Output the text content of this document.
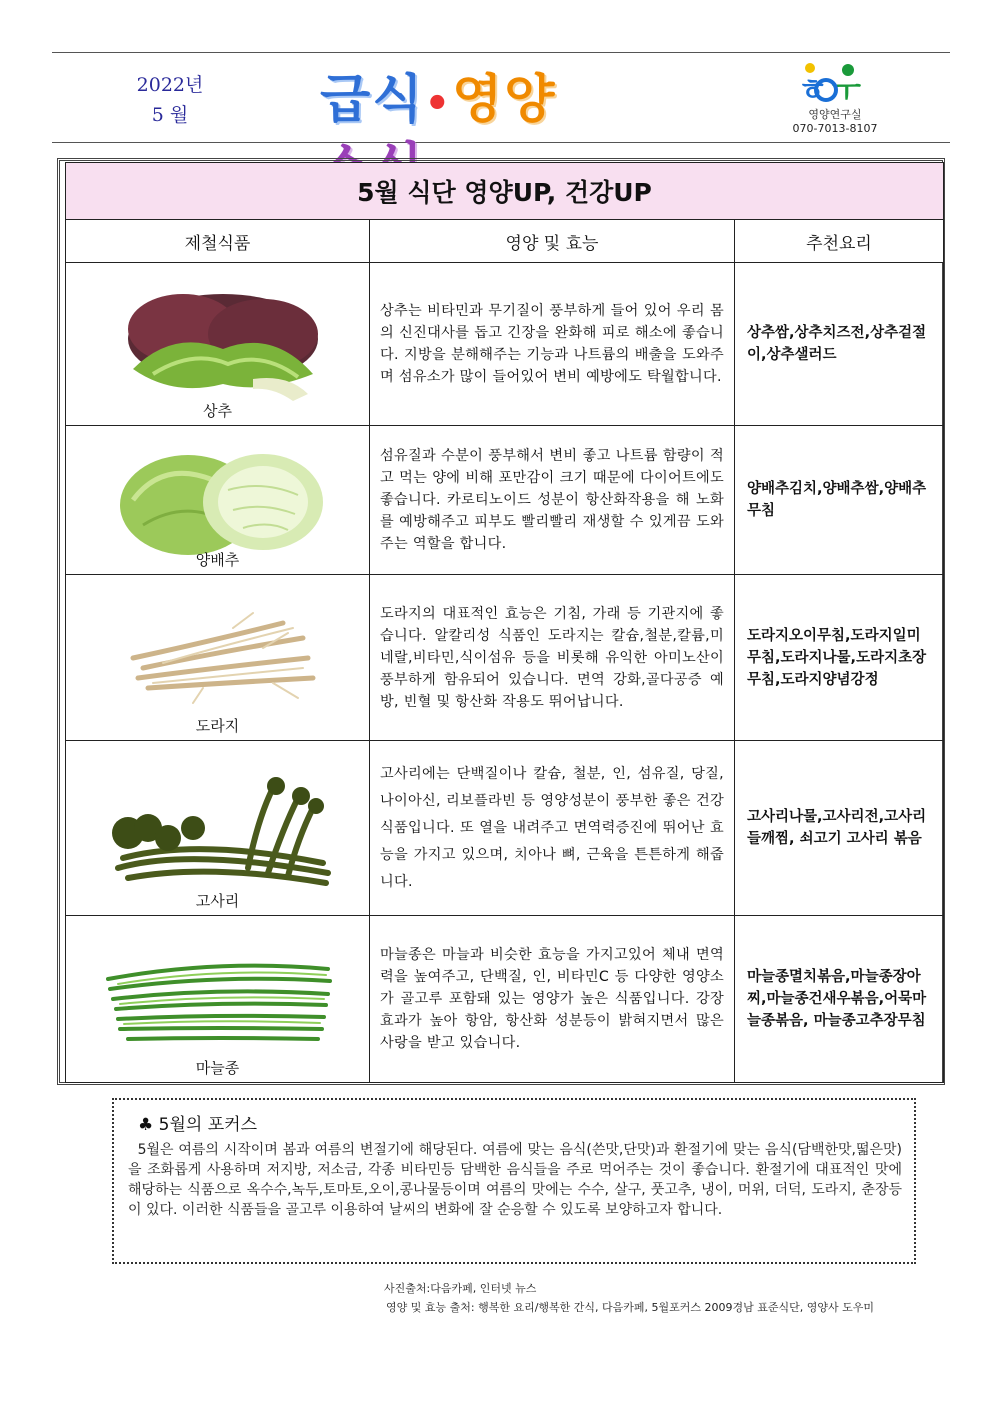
2022년
5 월	급식•영양	ㅎ ㅜ
영양연구실
070-7013-8107
5월 식단 영양UP, 건강UP		
제철식품	영양 및 효능	추천요리

상추	상추는 비타민과 무기질이 풍부하게 들어 있어 우리 몸의 신진대사를 돕고 긴장을 완화해 피로 해소에 좋습니다. 지방을 분해해주는 기능과 나트륨의 배출을 도와주며 섬유소가 많이 들어있어 변비 예방에도 탁월합니다.	상추쌈,상추치즈전,상추겉절이,상추샐러드

양배추	섬유질과 수분이 풍부해서 변비 좋고 나트륨 함량이 적고 먹는 양에 비해 포만감이 크기 때문에 다이어트에도 좋습니다. 카로티노이드 성분이 항산화작용을 해 노화를 예방해주고 피부도 빨리빨리 재생할 수 있게끔 도와주는 역할을 합니다.	양배추김치,양배추쌈,양배추무침

도라지	도라지의 대표적인 효능은 기침, 가래 등 기관지에 좋습니다. 알칼리성 식품인 도라지는 칼슘,철분,칼륨,미네랄,비타민,식이섬유 등을 비롯해 유익한 아미노산이 풍부하게 함유되어 있습니다. 면역 강화,골다공증 예방, 빈혈 및 항산화 작용도 뛰어납니다.	도라지오이무침,도라지일미무침,도라지나물,도라지초장무침,도라지양념강정

고사리	고사리에는 단백질이나 칼슘, 철분, 인, 섬유질, 당질, 나이아신, 리보플라빈 등 영양성분이 풍부한 좋은 건강식품입니다. 또 열을 내려주고 면역력증진에 뛰어난 효능을 가지고 있으며, 치아나 뼈, 근육을 튼튼하게 해줍니다.	고사리나물,고사리전,고사리 들깨찜, 쇠고기 고사리 볶음

마늘종	마늘종은 마늘과 비슷한 효능을 가지고있어 체내 면역력을 높여주고, 단백질, 인, 비타민C 등 다양한 영양소가 골고루 포함돼 있는 영양가 높은 식품입니다. 강장효과가 높아 항암, 항산화 성분등이 밝혀지면서 많은 사랑을 받고 있습니다.	마늘종멸치볶음,마늘종장아찌,마늘종건새우볶음,어묵마늘종볶음, 마늘종고추장무침
♣ 5월의 포커스
5월은 여름의 시작이며 봄과 여름의 변절기에 해당된다. 여름에 맞는 음식(쓴맛,단맛)과 환절기에 맞는 음식(담백한맛,떫은맛)을 조화롭게 사용하며 저지방, 저소금, 각종 비타민등 담백한 음식들을 주로 먹어주는 것이 좋습니다. 환절기에 대표적인 맛에 해당하는 식품으로 옥수수,녹두,토마토,오이,콩나물등이며 여름의 맛에는 수수, 살구, 풋고추, 냉이, 머위, 더덕, 도라지, 춘장등이 있다. 이러한 식품들을 골고루 이용하여 날씨의 변화에 잘 순응할 수 있도록 보양하고자 합니다.
사진출처:다음카페, 인터넷 뉴스
영양 및 효능 출처: 행복한 요리/행복한 간식, 다음카페, 5월포커스 2009경남 표준식단, 영양사 도우미
